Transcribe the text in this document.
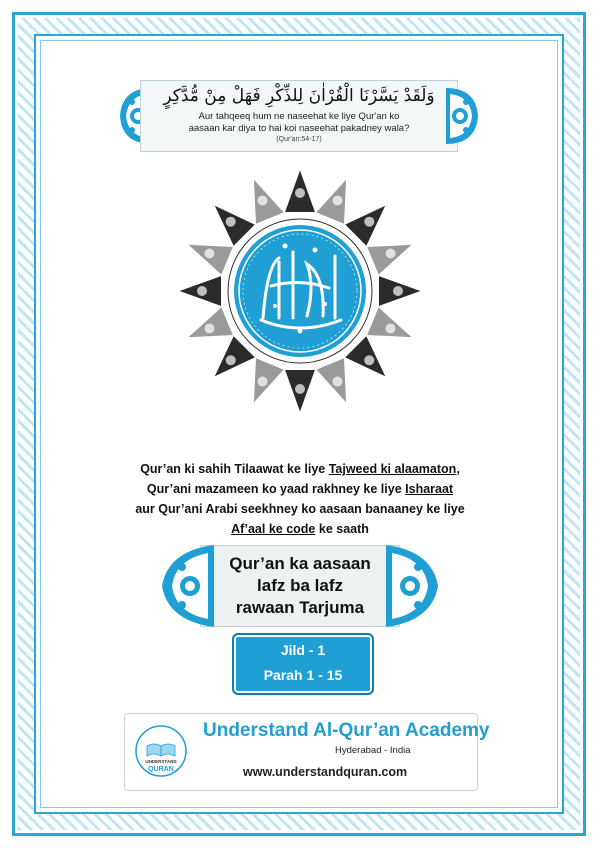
وَلَقَدْ يَسَّرْنَا الْقُرْاٰنَ لِلذِّكْرِ فَهَلْ مِنْ مُّدَّكِرٍ
Aur tahqeeq hum ne naseehat ke liye Qur'an ko
aasaan kar diya to hai koi naseehat pakadney wala?
(Qur'an:54-17)
Qur’an ki sahih Tilaawat ke liye Tajweed ki alaamaton,
Qur’ani mazameen ko yaad rakhney ke liye Isharaat
aur Qur’ani Arabi seekhney ko aasaan banaaney ke liye
Af’aal ke code ke saath
Qur’an ka aasaan
lafz ba lafz
rawaan Tarjuma
Jild - 1
Parah 1 - 15
UNDERSTAND
QURAN
Understand Al-Qur’an Academy
Hyderabad - India
www.understandquran.com
